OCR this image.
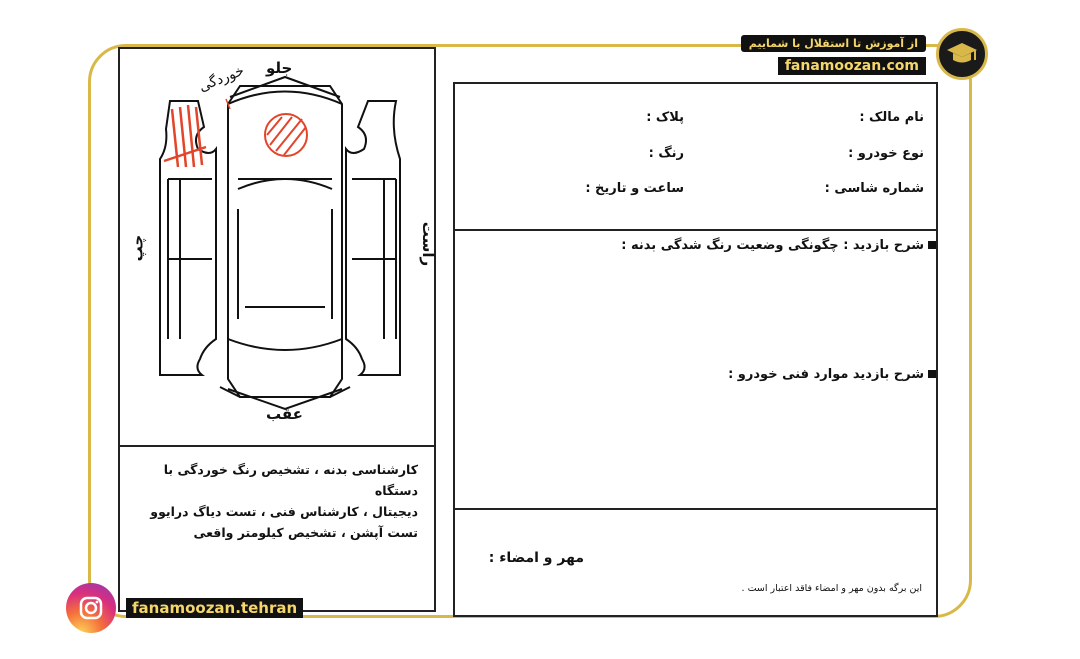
از آموزش تا استقلال با شماییم
fanamoozan.com
جلو
عقب
چپ	راست
خوردگی
کارشناسی بدنه ، تشخیص رنگ خوردگی با دستگاه
دیجیتال ، کارشناس فنی ، تست دیاگ درایوو
تست آپشن ، تشخیص کیلومتر واقعی
نام مالک :
پلاک :
نوع خودرو :
رنگ :
شماره شاسی :
ساعت و تاریخ :
شرح بازدید : چگونگی وضعیت رنگ شدگی بدنه :
شرح بازدید موارد فنی خودرو :
مهر و امضاء :
این برگه بدون مهر و امضاء فاقد اعتبار است .
fanamoozan.tehran
